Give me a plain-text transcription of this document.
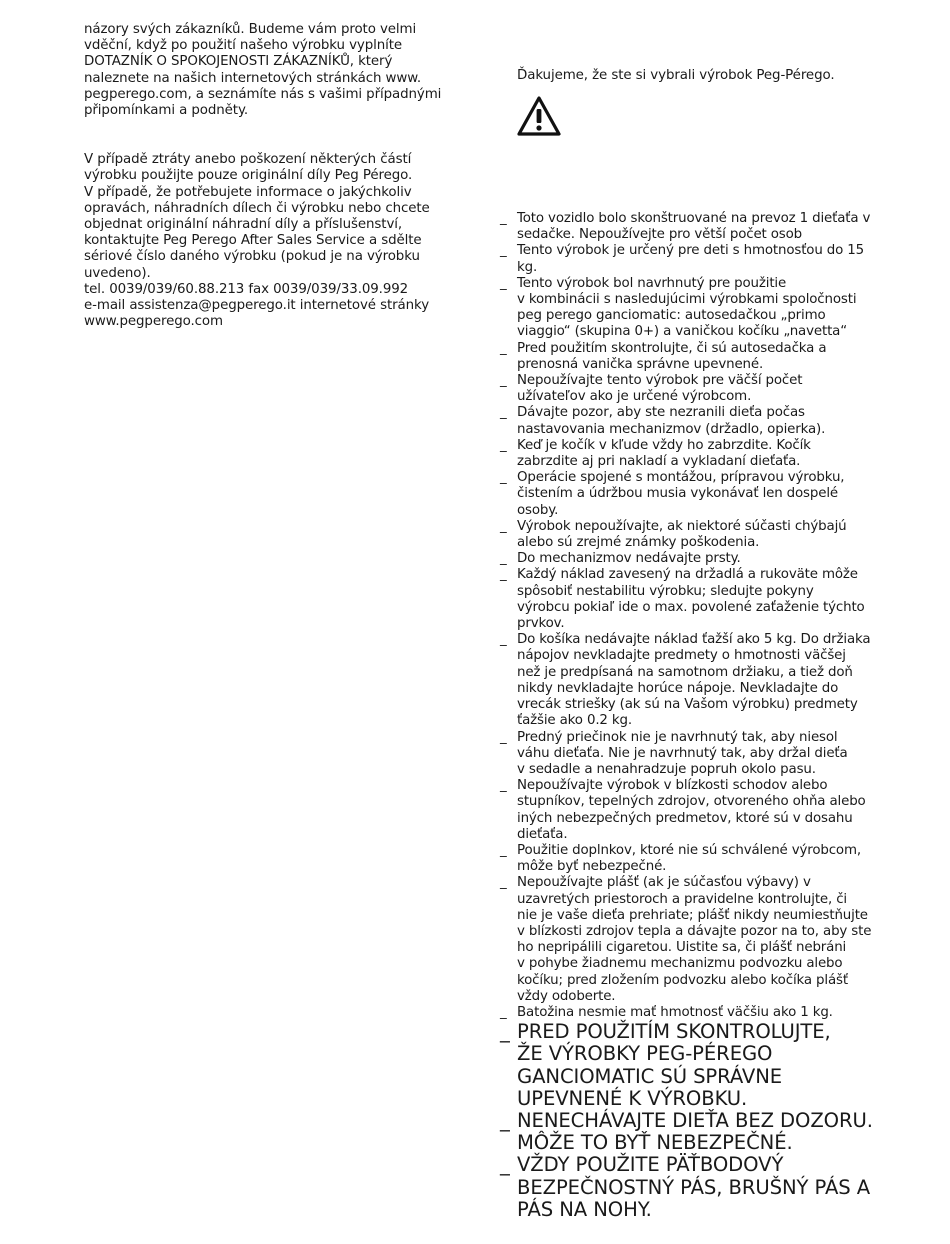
názory svých zákazníků. Budeme vám proto velmi
vděční, když po použití našeho výrobku vyplníte
DOTAZNÍK O SPOKOJENOSTI ZÁKAZNÍKŮ, který
naleznete na našich internetových stránkách www.
pegperego.com, a seznámíte nás s vašimi případnými
připomínkami a podněty.

V případě ztráty anebo poškození některých částí
výrobku použijte pouze originální díly Peg Pérego.
V případě, že potřebujete informace o jakýchkoliv
opravách, náhradních dílech či výrobku nebo chcete
objednat originální náhradní díly a příslušenství,
kontaktujte Peg Perego After Sales Service a sdělte
sériové číslo daného výrobku (pokud je na výrobku
uvedeno).
tel. 0039/039/60.88.213 fax 0039/039/33.09.992
e-mail assistenza@pegperego.it internetové stránky
www.pegperego.com

Ďakujeme, že ste si vybrali výrobok Peg-Pérego.
_ Toto vozidlo bolo skonštruované na prevoz 1 dieťaťa v
sedačke. Nepoužívejte pro větší počet osob
_ Tento výrobok je určený pre deti s hmotnosťou do 15
kg.
_ Tento výrobok bol navrhnutý pre použitie
v kombinácii s nasledujúcimi výrobkami spoločnosti
peg perego ganciomatic: autosedačkou „primo
viaggio“ (skupina 0+) a vaničkou kočíku „navetta“
_ Pred použitím skontrolujte, či sú autosedačka a
prenosná vanička správne upevnené.
_ Nepoužívajte tento výrobok pre väčší počet
užívateľov ako je určené výrobcom.
_ Dávajte pozor, aby ste nezranili dieťa počas
nastavovania mechanizmov (držadlo, opierka).
_ Keď je kočík v kľude vždy ho zabrzdite. Kočík
zabrzdite aj pri nakladí a vykladaní dieťaťa.
_ Operácie spojené s montážou, prípravou výrobku,
čistením a údržbou musia vykonávať len dospelé
osoby.
_ Výrobok nepoužívajte, ak niektoré súčasti chýbajú
alebo sú zrejmé známky poškodenia.
_ Do mechanizmov nedávajte prsty.
_ Každý náklad zavesený na držadlá a rukoväte môže
spôsobiť nestabilitu výrobku; sledujte pokyny
výrobcu pokiaľ ide o max. povolené zaťaženie týchto
prvkov.
_ Do košíka nedávajte náklad ťažší ako 5 kg. Do držiaka
nápojov nevkladajte predmety o hmotnosti väčšej
než je predpísaná na samotnom držiaku, a tiež doň
nikdy nevkladajte horúce nápoje. Nevkladajte do
vrecák striešky (ak sú na Vašom výrobku) predmety
ťažšie ako 0.2 kg.
_ Predný priečinok nie je navrhnutý tak, aby niesol
váhu dieťaťa. Nie je navrhnutý tak, aby držal dieťa
v sedadle a nenahradzuje popruh okolo pasu.
_ Nepoužívajte výrobok v blízkosti schodov alebo
stupníkov, tepelných zdrojov, otvoreného ohňa alebo
iných nebezpečných predmetov, ktoré sú v dosahu
dieťaťa.
_ Použitie doplnkov, ktoré nie sú schválené výrobcom,
môže byť nebezpečné.
_ Nepoužívajte plášť (ak je súčasťou výbavy) v
uzavretých priestoroch a pravidelne kontrolujte, či
nie je vaše dieťa prehriate; plášť nikdy neumiestňujte
v blízkosti zdrojov tepla a dávajte pozor na to, aby ste
ho nepripálili cigaretou. Uistite sa, či plášť nebráni
v pohybe žiadnemu mechanizmu podvozku alebo
kočíku; pred zložením podvozku alebo kočíka plášť
vždy odoberte.
_ Batožina nesmie mať hmotnosť väčšiu ako 1 kg.
_ PRED POUŽITÍM SKONTROLUJTE,
ŽE VÝROBKY PEG-PÉREGO
GANCIOMATIC SÚ SPRÁVNE
UPEVNENÉ K VÝROBKU.
_ NENECHÁVAJTE DIEŤA BEZ DOZORU.
MÔŽE TO BYŤ NEBEZPEČNÉ.
_ VŽDY POUŽITE PÄŤBODOVÝ
BEZPEČNOSTNÝ PÁS, BRUŠNÝ PÁS A
PÁS NA NOHY.
